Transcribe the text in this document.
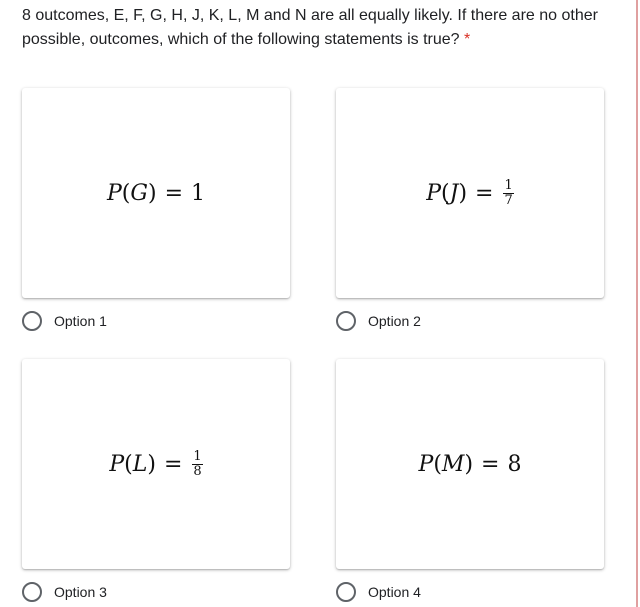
8 outcomes, E, F, G, H, J, K, L, M and N are all equally likely. If there are no other possible, outcomes, which of the following statements is true? *
P ( G ) = 1
Option 1
P ( J ) = $\frac{1}{7}$
Option 2
P ( L ) = $\frac{1}{8}$
Option 3
P ( M ) = 8
Option 4
